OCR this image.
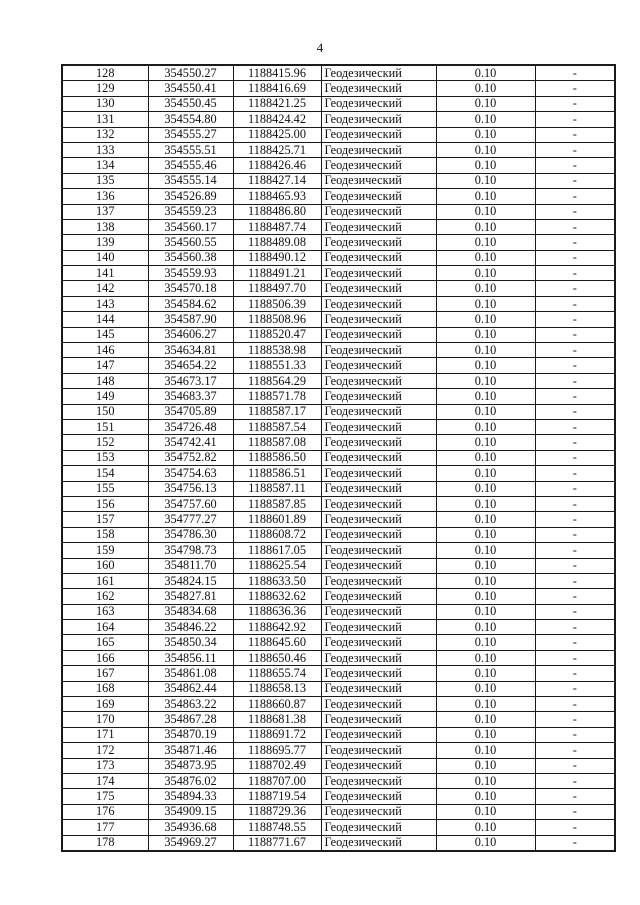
4
128	354550.27	1188415.96	Геодезический	0.10	-
129	354550.41	1188416.69	Геодезический	0.10	-
130	354550.45	1188421.25	Геодезический	0.10	-
131	354554.80	1188424.42	Геодезический	0.10	-
132	354555.27	1188425.00	Геодезический	0.10	-
133	354555.51	1188425.71	Геодезический	0.10	-
134	354555.46	1188426.46	Геодезический	0.10	-
135	354555.14	1188427.14	Геодезический	0.10	-
136	354526.89	1188465.93	Геодезический	0.10	-
137	354559.23	1188486.80	Геодезический	0.10	-
138	354560.17	1188487.74	Геодезический	0.10	-
139	354560.55	1188489.08	Геодезический	0.10	-
140	354560.38	1188490.12	Геодезический	0.10	-
141	354559.93	1188491.21	Геодезический	0.10	-
142	354570.18	1188497.70	Геодезический	0.10	-
143	354584.62	1188506.39	Геодезический	0.10	-
144	354587.90	1188508.96	Геодезический	0.10	-
145	354606.27	1188520.47	Геодезический	0.10	-
146	354634.81	1188538.98	Геодезический	0.10	-
147	354654.22	1188551.33	Геодезический	0.10	-
148	354673.17	1188564.29	Геодезический	0.10	-
149	354683.37	1188571.78	Геодезический	0.10	-
150	354705.89	1188587.17	Геодезический	0.10	-
151	354726.48	1188587.54	Геодезический	0.10	-
152	354742.41	1188587.08	Геодезический	0.10	-
153	354752.82	1188586.50	Геодезический	0.10	-
154	354754.63	1188586.51	Геодезический	0.10	-
155	354756.13	1188587.11	Геодезический	0.10	-
156	354757.60	1188587.85	Геодезический	0.10	-
157	354777.27	1188601.89	Геодезический	0.10	-
158	354786.30	1188608.72	Геодезический	0.10	-
159	354798.73	1188617.05	Геодезический	0.10	-
160	354811.70	1188625.54	Геодезический	0.10	-
161	354824.15	1188633.50	Геодезический	0.10	-
162	354827.81	1188632.62	Геодезический	0.10	-
163	354834.68	1188636.36	Геодезический	0.10	-
164	354846.22	1188642.92	Геодезический	0.10	-
165	354850.34	1188645.60	Геодезический	0.10	-
166	354856.11	1188650.46	Геодезический	0.10	-
167	354861.08	1188655.74	Геодезический	0.10	-
168	354862.44	1188658.13	Геодезический	0.10	-
169	354863.22	1188660.87	Геодезический	0.10	-
170	354867.28	1188681.38	Геодезический	0.10	-
171	354870.19	1188691.72	Геодезический	0.10	-
172	354871.46	1188695.77	Геодезический	0.10	-
173	354873.95	1188702.49	Геодезический	0.10	-
174	354876.02	1188707.00	Геодезический	0.10	-
175	354894.33	1188719.54	Геодезический	0.10	-
176	354909.15	1188729.36	Геодезический	0.10	-
177	354936.68	1188748.55	Геодезический	0.10	-
178	354969.27	1188771.67	Геодезический	0.10	-
